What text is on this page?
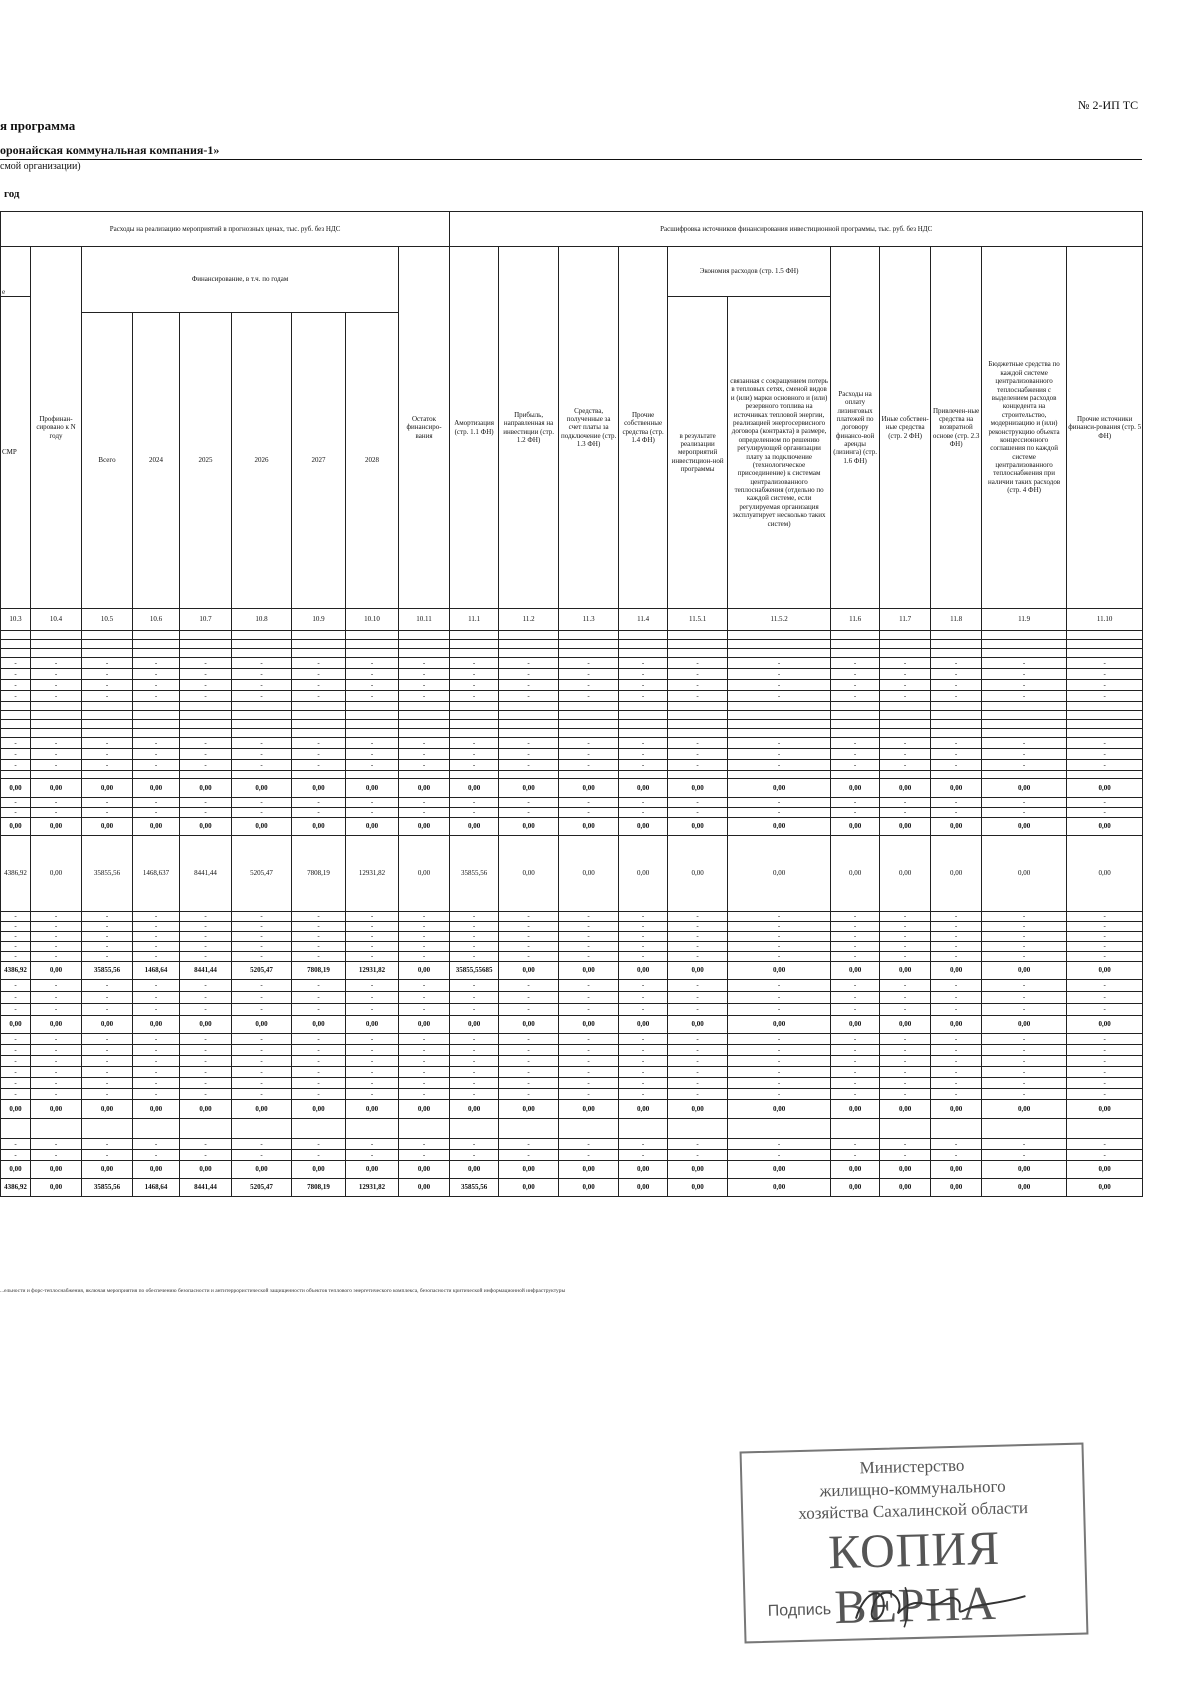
№ 2-ИП ТС
я программа
оронайская коммунальная компания-1»
смой организации)
год
Расходы на реализацию мероприятий в прогнозных ценах, тыс. руб. без НДС									Расшифровка источников финансирования инвестиционной программы, тыс. руб. без НДС										
е	Профинан-сировано к N году	Финансирование, в т.ч. по годам						Остаток финансиро-вания	Амортизация (стр. 1.1 ФН)	Прибыль, направленная на инвестиции (стр. 1.2 ФН)	Средства, полученные за счет платы за подключение (стр. 1.3 ФН)	Прочие собственные средства (стр. 1.4 ФН)	Экономия расходов (стр. 1.5 ФН)		Расходы на оплату лизинговых платежей по договору финансо-вой аренды (лизинга) (стр. 1.6 ФН)	Иные собствен-ные средства (стр. 2 ФН)	Привлечен-ные средства на возвратной основе (стр. 2.3 ФН)	Бюджетные средства по каждой системе централизованного теплоснабжения с выделением расходов концедента на строительство, модернизацию и (или) реконструкцию объекта концессионного соглашения по каждой системе централизованного теплоснабжения при наличии таких расходов (стр. 4 ФН)	Прочие источники финанси-рования (стр. 5 ФН)
СМР													в результате реализации мероприятий инвестицион-ной программы	связанная с сокращением потерь в тепловых сетях, сменой видов и (или) марки основного и (или) резервного топлива на источниках тепловой энергии, реализацией энергосервисного договора (контракта) в размере, определенном по решению регулирующей организации плату за подключение (технологическое присоединение) к системам централизованного теплоснабжения (отдельно по каждой системе, если регулируемая организация эксплуатирует несколько таких систем)					
		Всего	2024	2025	2026	2027	2028												
10.3	10.4	10.5	10.6	10.7	10.8	10.9	10.10	10.11	11.1	11.2	11.3	11.4	11.5.1	11.5.2	11.6	11.7	11.8	11.9	11.10

-	-	-	-	-	-	-	-	-	-	-	-	-	-	-	-	-	-	-	-
-	-	-	-	-	-	-	-	-	-	-	-	-	-	-	-	-	-	-	-
-	-	-	-	-	-	-	-	-	-	-	-	-	-	-	-	-	-	-	-
-	-	-	-	-	-	-	-	-	-	-	-	-	-	-	-	-	-	-	-

-	-	-	-	-	-	-	-	-	-	-	-	-	-	-	-	-	-	-	-
-	-	-	-	-	-	-	-	-	-	-	-	-	-	-	-	-	-	-	-
-	-	-	-	-	-	-	-	-	-	-	-	-	-	-	-	-	-	-	-

0,00	0,00	0,00	0,00	0,00	0,00	0,00	0,00	0,00	0,00	0,00	0,00	0,00	0,00	0,00	0,00	0,00	0,00	0,00	0,00
-	-	-	-	-	-	-	-	-	-	-	-	-	-	-	-	-	-	-	-
-	-	-	-	-	-	-	-	-	-	-	-	-	-	-	-	-	-	-	-
0,00	0,00	0,00	0,00	0,00	0,00	0,00	0,00	0,00	0,00	0,00	0,00	0,00	0,00	0,00	0,00	0,00	0,00	0,00	0,00
4386,92	0,00	35855,56	1468,637	8441,44	5205,47	7808,19	12931,82	0,00	35855,56	0,00	0,00	0,00	0,00	0,00	0,00	0,00	0,00	0,00	0,00
-	-	-	-	-	-	-	-	-	-	-	-	-	-	-	-	-	-	-	-
-	-	-	-	-	-	-	-	-	-	-	-	-	-	-	-	-	-	-	-
-	-	-	-	-	-	-	-	-	-	-	-	-	-	-	-	-	-	-	-
-	-	-	-	-	-	-	-	-	-	-	-	-	-	-	-	-	-	-	-
-	-	-	-	-	-	-	-	-	-	-	-	-	-	-	-	-	-	-	-
4386,92	0,00	35855,56	1468,64	8441,44	5205,47	7808,19	12931,82	0,00	35855,55685	0,00	0,00	0,00	0,00	0,00	0,00	0,00	0,00	0,00	0,00
-	-	-	-	-	-	-	-	-	-	-	-	-	-	-	-	-	-	-	-
-	-	-	-	-	-	-	-	-	-	-	-	-	-	-	-	-	-	-	-
-	-	-	-	-	-	-	-	-	-	-	-	-	-	-	-	-	-	-	-
0,00	0,00	0,00	0,00	0,00	0,00	0,00	0,00	0,00	0,00	0,00	0,00	0,00	0,00	0,00	0,00	0,00	0,00	0,00	0,00
-	-	-	-	-	-	-	-	-	-	-	-	-	-	-	-	-	-	-	-
-	-	-	-	-	-	-	-	-	-	-	-	-	-	-	-	-	-	-	-
-	-	-	-	-	-	-	-	-	-	-	-	-	-	-	-	-	-	-	-
-	-	-	-	-	-	-	-	-	-	-	-	-	-	-	-	-	-	-	-
-	-	-	-	-	-	-	-	-	-	-	-	-	-	-	-	-	-	-	-
-	-	-	-	-	-	-	-	-	-	-	-	-	-	-	-	-	-	-	-
0,00	0,00	0,00	0,00	0,00	0,00	0,00	0,00	0,00	0,00	0,00	0,00	0,00	0,00	0,00	0,00	0,00	0,00	0,00	0,00

-	-	-	-	-	-	-	-	-	-	-	-	-	-	-	-	-	-	-	-
-	-	-	-	-	-	-	-	-	-	-	-	-	-	-	-	-	-	-	-
0,00	0,00	0,00	0,00	0,00	0,00	0,00	0,00	0,00	0,00	0,00	0,00	0,00	0,00	0,00	0,00	0,00	0,00	0,00	0,00
4386,92	0,00	35855,56	1468,64	8441,44	5205,47	7808,19	12931,82	0,00	35855,56	0,00	0,00	0,00	0,00	0,00	0,00	0,00	0,00	0,00	0,00
...ельности и форс-теплоснабжения, включая мероприятия по обеспечению безопасности и антитеррористической защищенности объектов теплового энергетического комплекса, безопасности критической информационной инфраструктуры
Министерство
жилищно-коммунального
хозяйства Сахалинской области
КОПИЯ ВЕРНА
Подпись
